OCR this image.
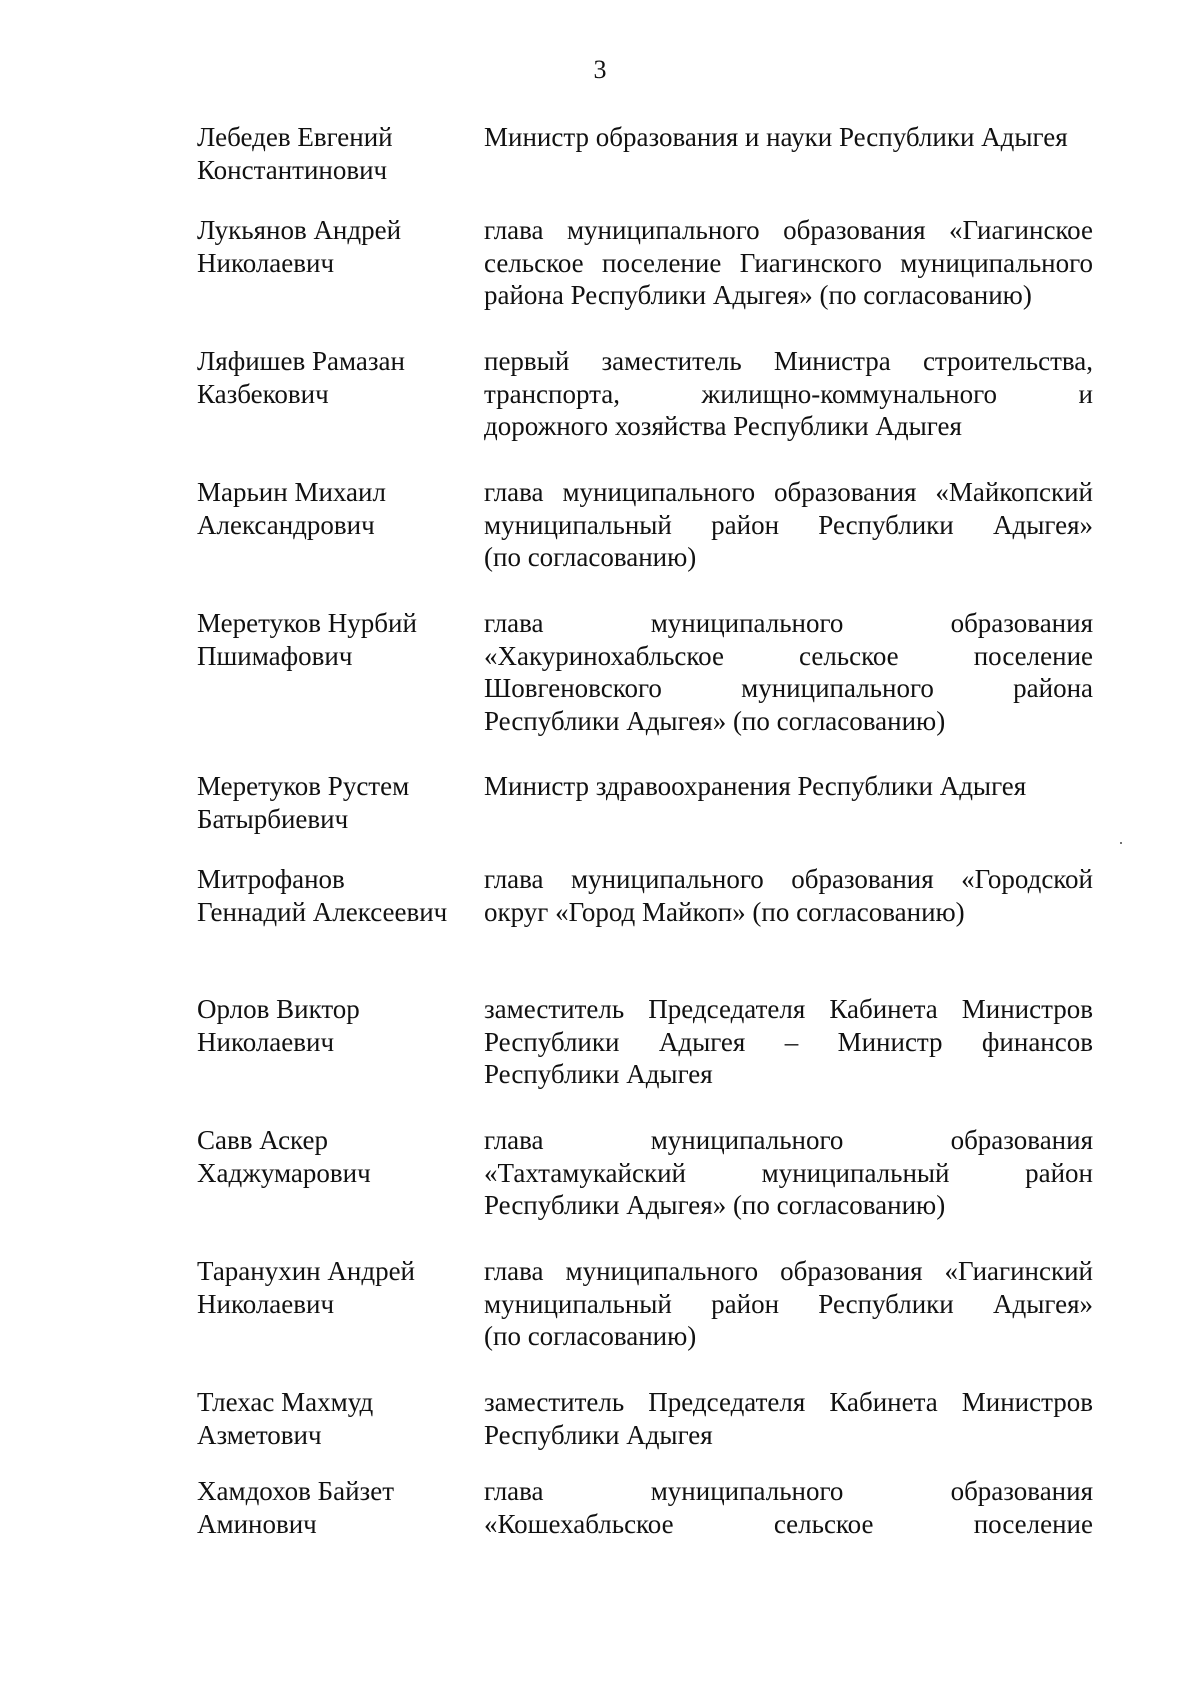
3
Лебедев Евгений
Константинович
Министр образования и науки Республики Адыгея
Лукьянов Андрей
Николаевич
глава муниципального образования «Гиагинское
сельское поселение Гиагинского муниципального
района Республики Адыгея» (по согласованию)
Ляфишев Рамазан
Казбекович
первый заместитель Министра строительства,
транспорта, жилищно-коммунального и
дорожного хозяйства Республики Адыгея
Марьин Михаил
Александрович
глава муниципального образования «Майкопский
муниципальный район Республики Адыгея»
(по согласованию)
Меретуков Нурбий
Пшимафович
глава муниципального образования
«Хакуринохабльское сельское поселение
Шовгеновского муниципального района
Республики Адыгея» (по согласованию)
Меретуков Рустем
Батырбиевич
Министр здравоохранения Республики Адыгея
Митрофанов
Геннадий Алексеевич
глава муниципального образования «Городской
округ «Город Майкоп» (по согласованию)
Орлов Виктор
Николаевич
заместитель Председателя Кабинета Министров
Республики Адыгея – Министр финансов
Республики Адыгея
Савв Аскер
Хаджумарович
глава муниципального образования
«Тахтамукайский муниципальный район
Республики Адыгея» (по согласованию)
Таранухин Андрей
Николаевич
глава муниципального образования «Гиагинский
муниципальный район Республики Адыгея»
(по согласованию)
Тлехас Махмуд
Азметович
заместитель Председателя Кабинета Министров
Республики Адыгея
Хамдохов Байзет
Аминович
глава муниципального образования
«Кошехабльское сельское поселение
